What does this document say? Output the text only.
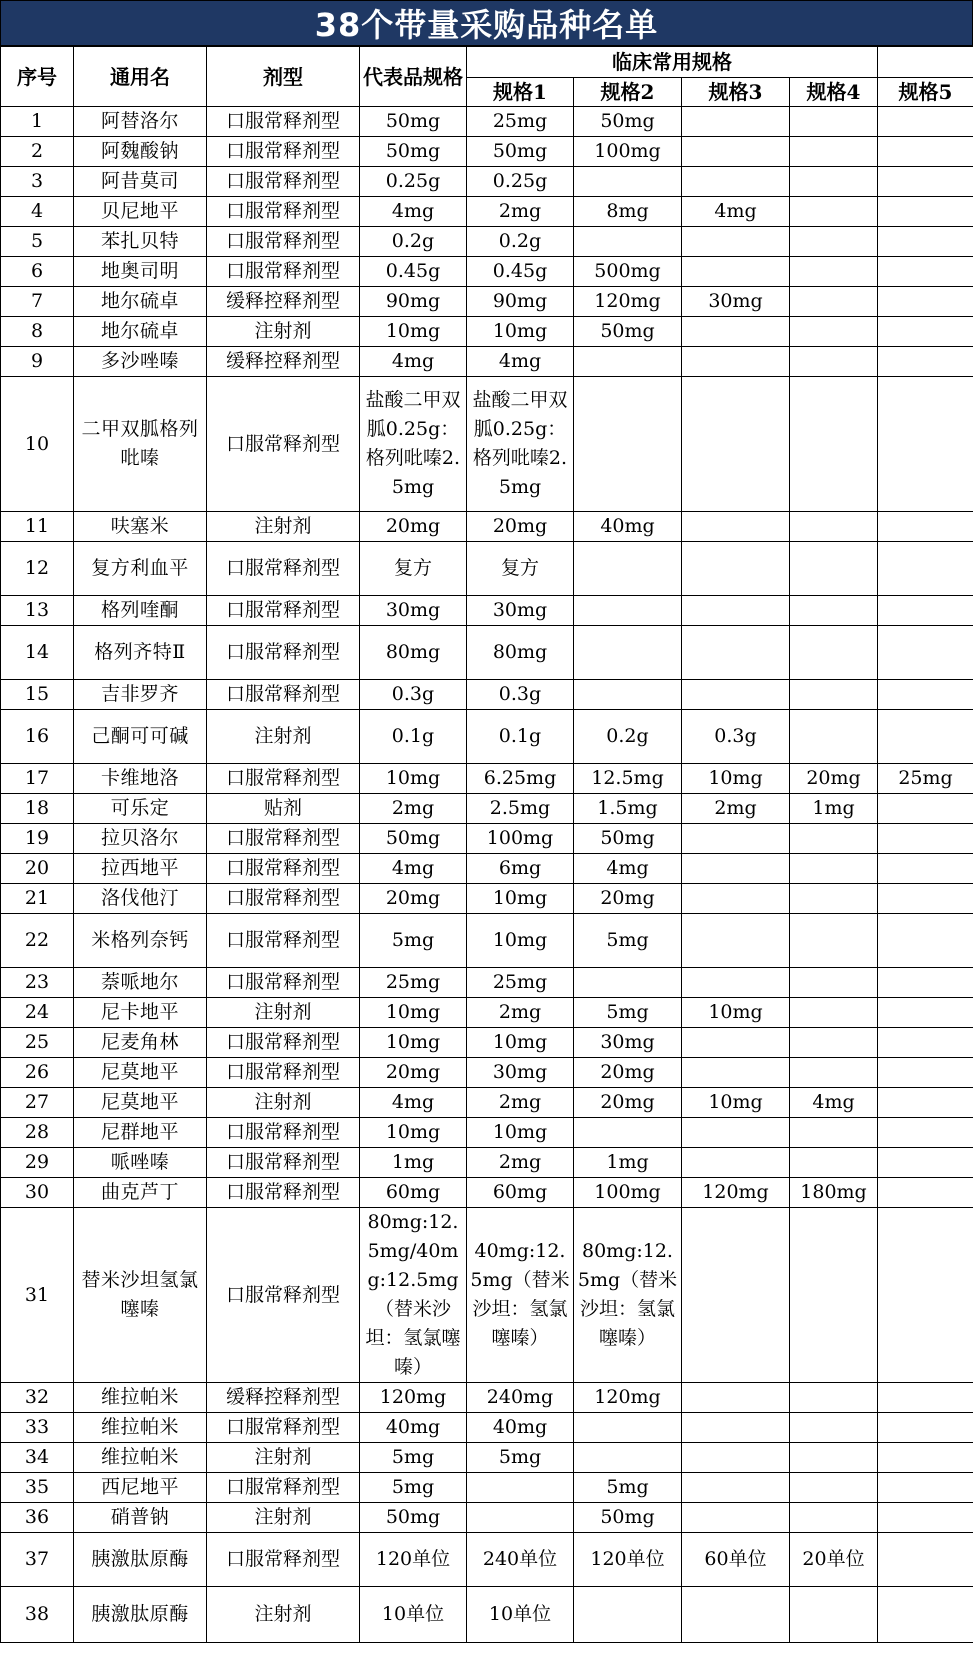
38个带量采购品种名单
序号	通用名	剂型	代表品规格	临床常用规格				
				规格1	规格2	规格3	规格4	规格5
1	阿替洛尔	口服常释剂型	50mg	25mg	50mg			
2	阿魏酸钠	口服常释剂型	50mg	50mg	100mg			
3	阿昔莫司	口服常释剂型	0.25g	0.25g				
4	贝尼地平	口服常释剂型	4mg	2mg	8mg	4mg		
5	苯扎贝特	口服常释剂型	0.2g	0.2g				
6	地奥司明	口服常释剂型	0.45g	0.45g	500mg			
7	地尔硫卓	缓释控释剂型	90mg	90mg	120mg	30mg		
8	地尔硫卓	注射剂	10mg	10mg	50mg			
9	多沙唑嗪	缓释控释剂型	4mg	4mg				
10	二甲双胍格列吡嗪	口服常释剂型	盐酸二甲双胍0.25g：格列吡嗪2.5mg	盐酸二甲双胍0.25g：格列吡嗪2.5mg				
11	呋塞米	注射剂	20mg	20mg	40mg			
12	复方利血平	口服常释剂型	复方	复方				
13	格列喹酮	口服常释剂型	30mg	30mg				
14	格列齐特Ⅱ	口服常释剂型	80mg	80mg				
15	吉非罗齐	口服常释剂型	0.3g	0.3g				
16	己酮可可碱	注射剂	0.1g	0.1g	0.2g	0.3g		
17	卡维地洛	口服常释剂型	10mg	6.25mg	12.5mg	10mg	20mg	25mg
18	可乐定	贴剂	2mg	2.5mg	1.5mg	2mg	1mg	
19	拉贝洛尔	口服常释剂型	50mg	100mg	50mg			
20	拉西地平	口服常释剂型	4mg	6mg	4mg			
21	洛伐他汀	口服常释剂型	20mg	10mg	20mg			
22	米格列奈钙	口服常释剂型	5mg	10mg	5mg			
23	萘哌地尔	口服常释剂型	25mg	25mg				
24	尼卡地平	注射剂	10mg	2mg	5mg	10mg		
25	尼麦角林	口服常释剂型	10mg	10mg	30mg			
26	尼莫地平	口服常释剂型	20mg	30mg	20mg			
27	尼莫地平	注射剂	4mg	2mg	20mg	10mg	4mg	
28	尼群地平	口服常释剂型	10mg	10mg				
29	哌唑嗪	口服常释剂型	1mg	2mg	1mg			
30	曲克芦丁	口服常释剂型	60mg	60mg	100mg	120mg	180mg	
31	替米沙坦氢氯噻嗪	口服常释剂型	80mg:12.5mg/40mg:12.5mg（替米沙坦：氢氯噻嗪）	40mg:12.5mg（替米沙坦：氢氯噻嗪）	80mg:12.5mg（替米沙坦：氢氯噻嗪）			
32	维拉帕米	缓释控释剂型	120mg	240mg	120mg			
33	维拉帕米	口服常释剂型	40mg	40mg				
34	维拉帕米	注射剂	5mg	5mg				
35	西尼地平	口服常释剂型	5mg		5mg			
36	硝普钠	注射剂	50mg		50mg			
37	胰激肽原酶	口服常释剂型	120单位	240单位	120单位	60单位	20单位	
38	胰激肽原酶	注射剂	10单位	10单位				
